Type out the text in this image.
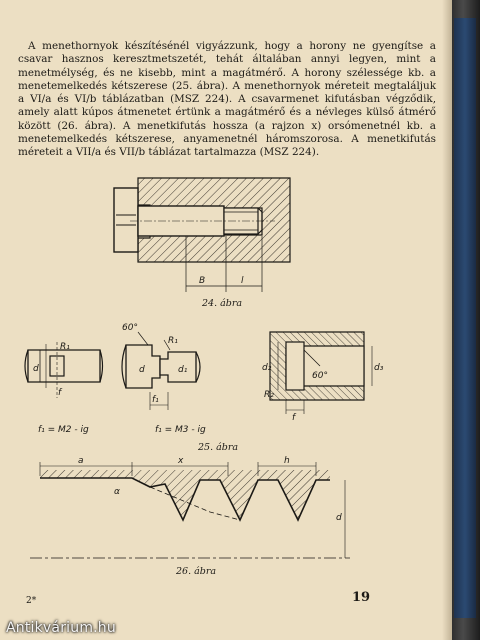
A menethornyok készítésénél vigyázzunk, hogy a horony ne gyengítse a csavar hasznos keresztmetszetét, tehát általában annyi legyen, mint a menetmélység, és ne kisebb, mint a magátmérő. A horony szélessége kb. a menetemelkedés kétszerese (25. ábra). A menethornyok méreteit megtaláljuk a VI/a és VI/b táblázatban (MSZ 224). A csavarmenet kifutásban végződik, amely alatt kúpos átmenetet értünk a magátmérő és a névleges külső átmérő között (26. ábra). A menetkifutás hossza (a rajzon x) orsómenetnél kb. a menetemelkedés kétszerese, anyamenetnél háromszorosa. A menetkifutás méreteit a VII/a és VII/b táblázat tartalmazza (MSZ 224).

B	l
24. ábra
d
R₁
f
60°
R₁
d	d₁
f₁
d₂	d₃
60°
R₂
f
f₁ = M2 - ig	f₁ = M3 - ig
25. ábra
a	x	h
α
d
26. ábra
2*	19
Antikvárium.hu
